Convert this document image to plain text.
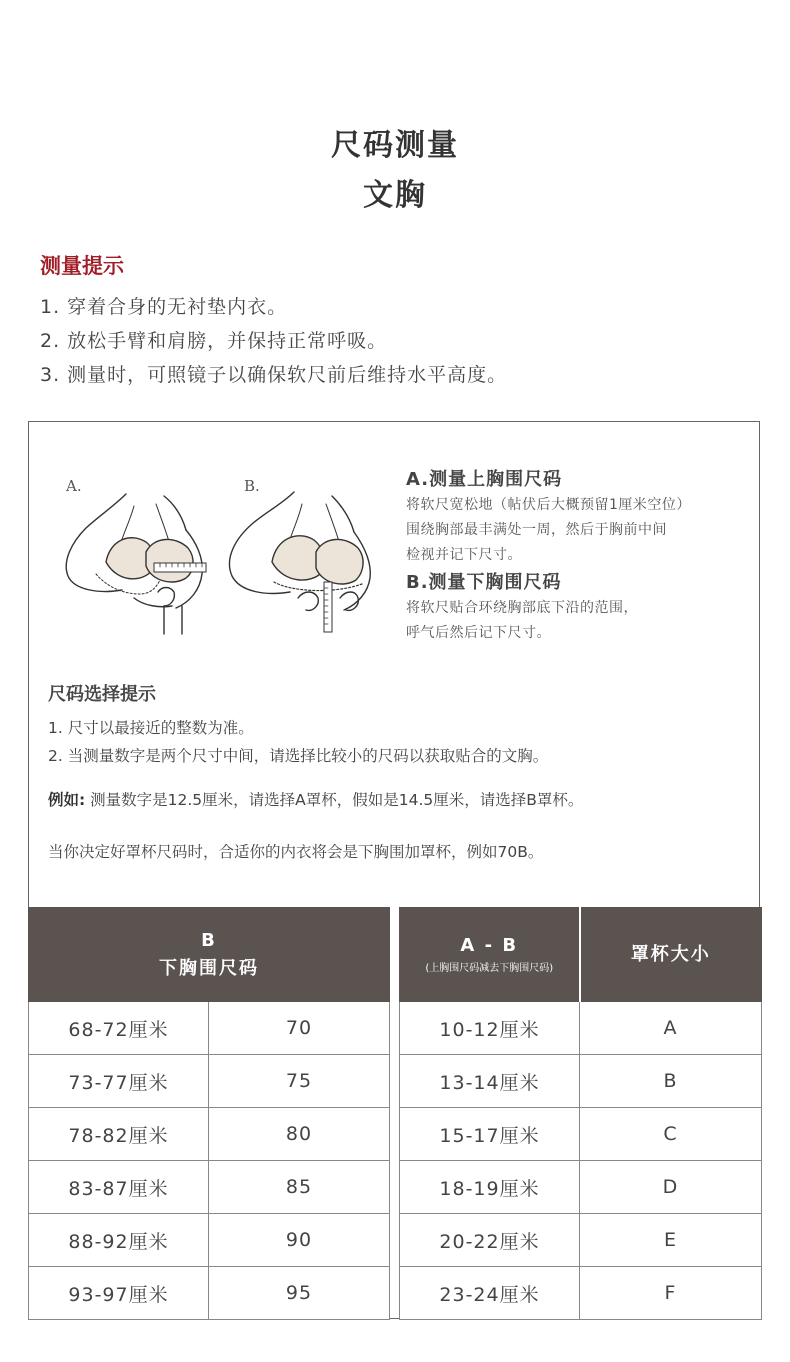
尺码测量
文胸
测量提示
1. 穿着合身的无衬垫内衣。
2. 放松手臂和肩膀，并保持正常呼吸。
3. 测量时，可照镜子以确保软尺前后维持水平高度。
A.	B.	A.测量上胸围尺码
将软尺宽松地（帖伏后大概预留1厘米空位）
围绕胸部最丰满处一周，然后于胸前中间
检视并记下尺寸。
B.测量下胸围尺码
将软尺贴合环绕胸部底下沿的范围，
呼气后然后记下尺寸。
尺码选择提示
1. 尺寸以最接近的整数为准。
2. 当测量数字是两个尺寸中间，请选择比较小的尺码以获取贴合的文胸。
例如: 测量数字是12.5厘米，请选择A罩杯，假如是14.5厘米，请选择B罩杯。
当你决定好罩杯尺码时，合适你的内衣将会是下胸围加罩杯，例如70B。
B
下胸围尺码	

68-72厘米	70
73-77厘米	75
78-82厘米	80
83-87厘米	85
88-92厘米	90
93-97厘米	95
A - B
(上胸围尺码减去下胸围尺码)	罩杯大小

10-12厘米	A
13-14厘米	B
15-17厘米	C
18-19厘米	D
20-22厘米	E
23-24厘米	F
